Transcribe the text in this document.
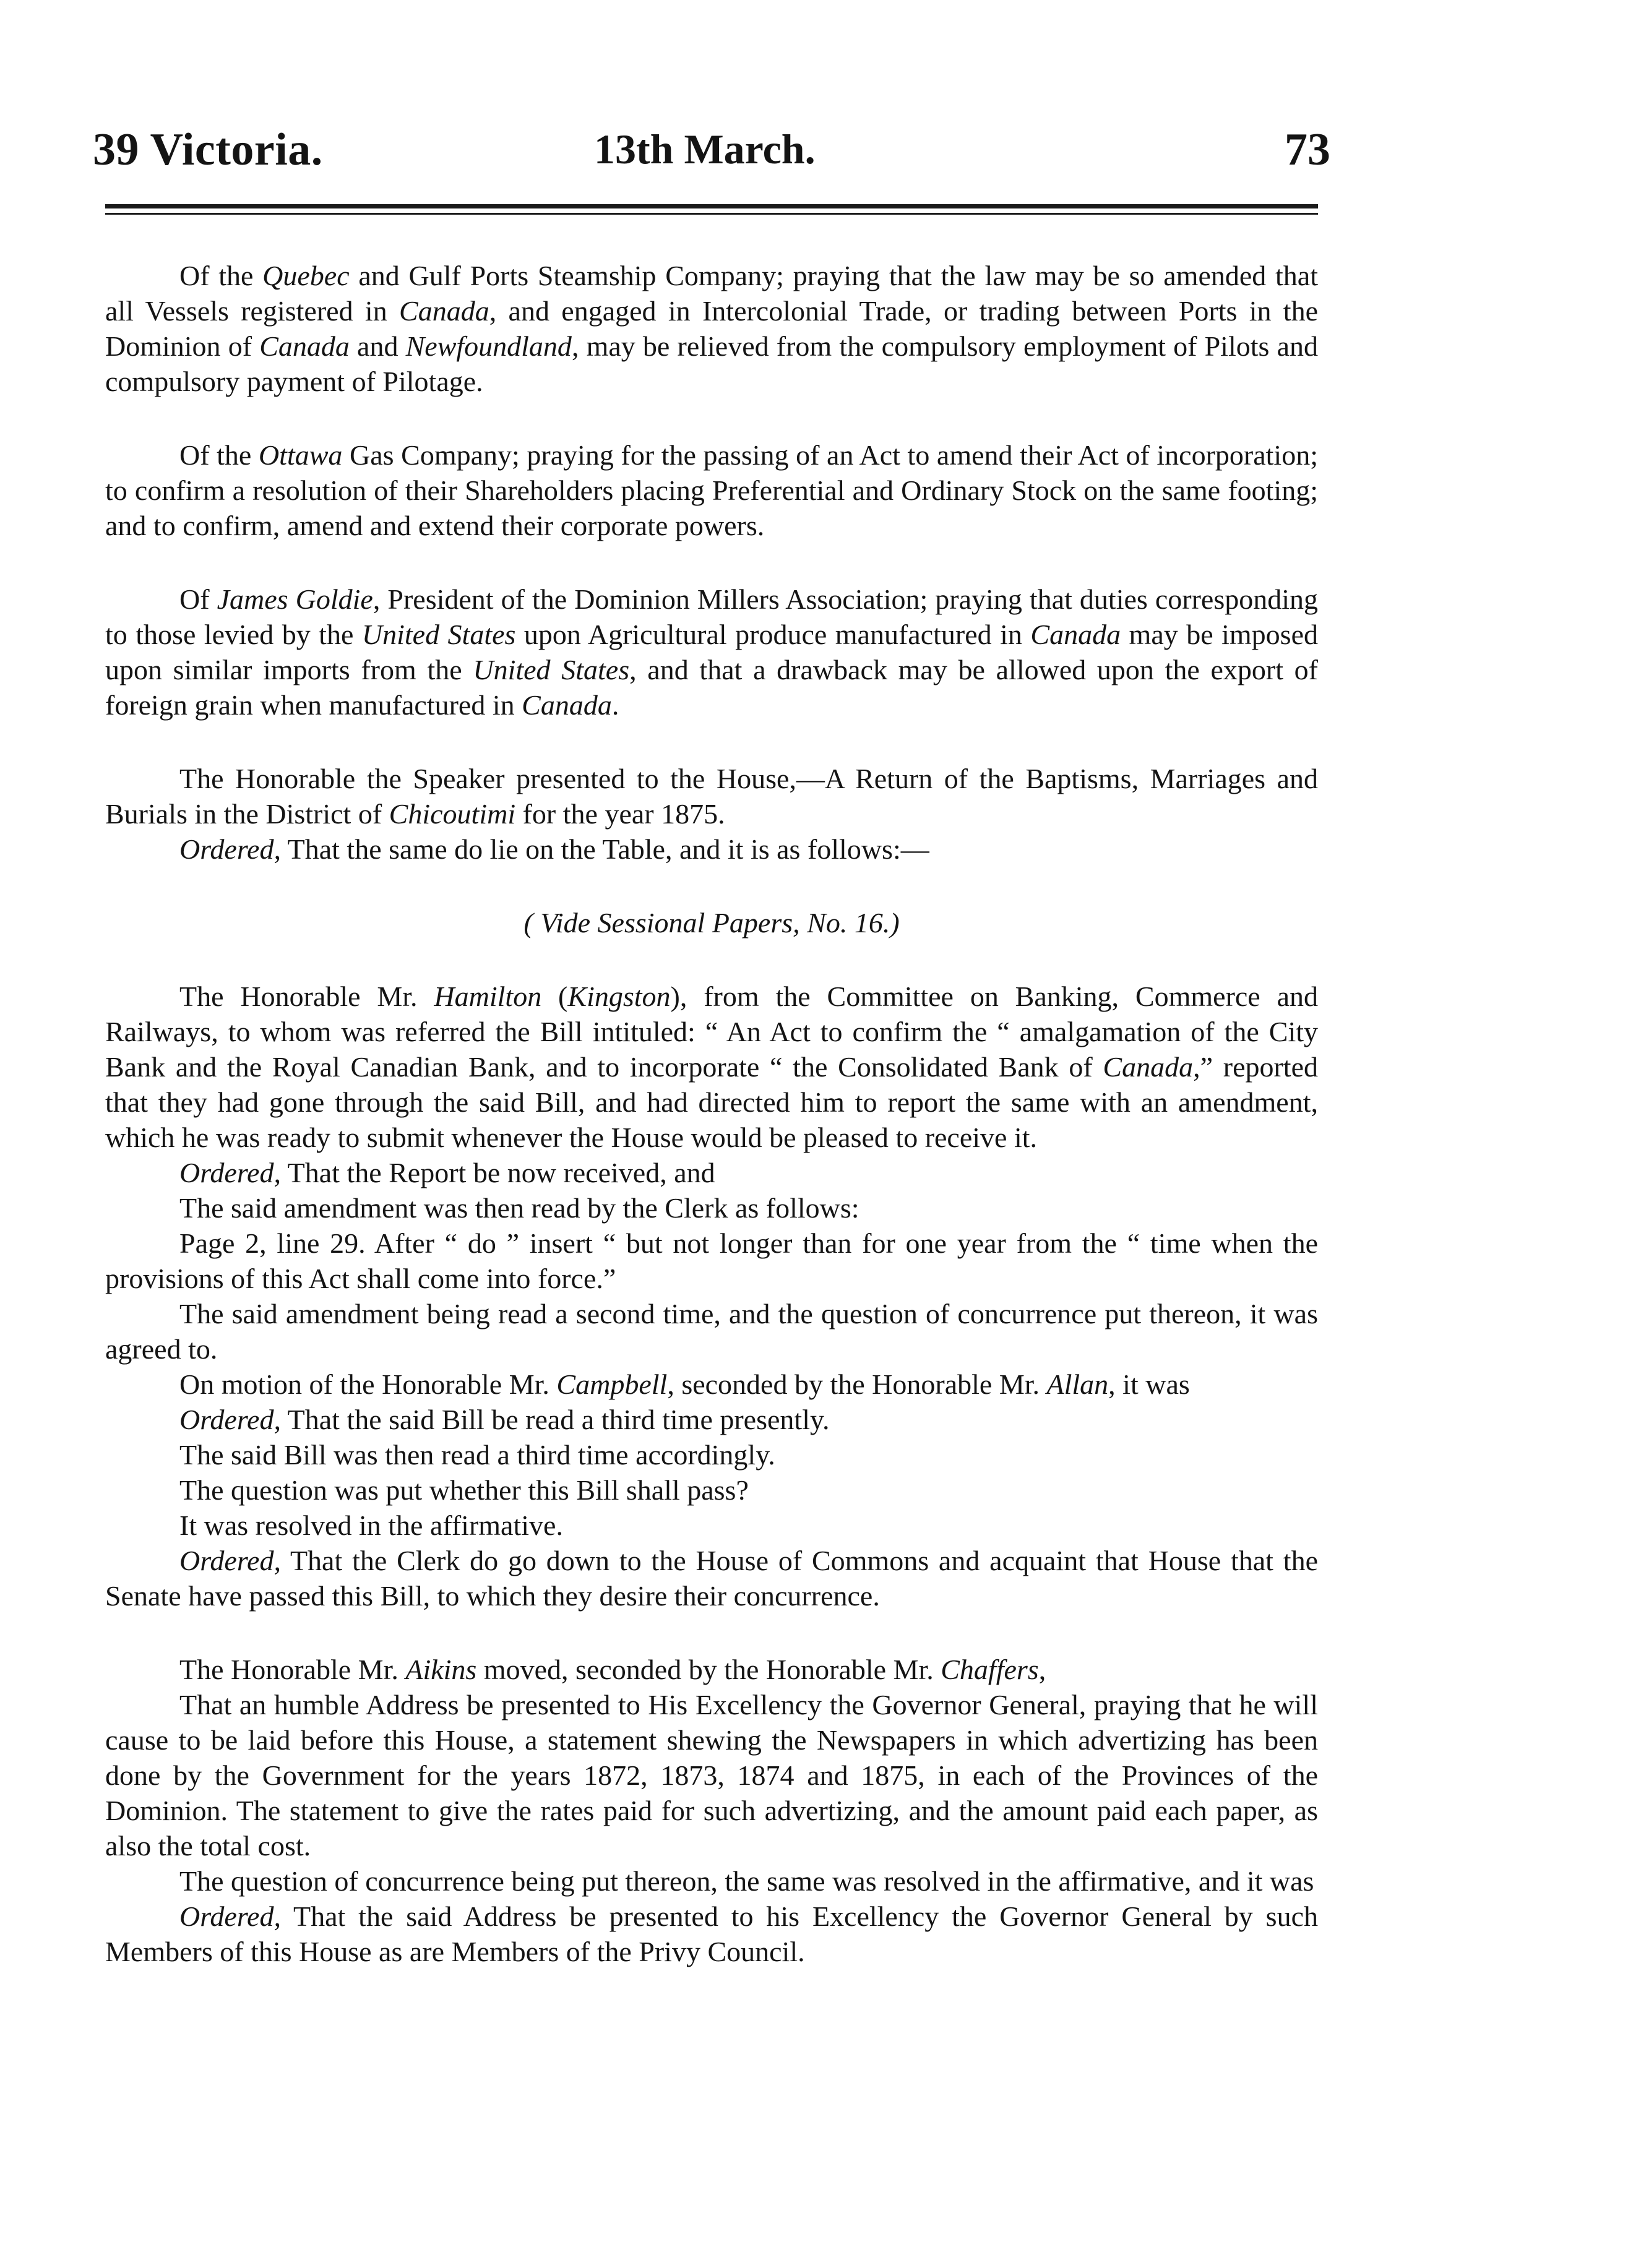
39 Victoria.	13th March.	73

Of the Quebec and Gulf Ports Steamship Company; praying that the law may be so amended that all Vessels registered in Canada, and engaged in Intercolonial Trade, or trading between Ports in the Dominion of Canada and Newfoundland, may be relieved from the compulsory employment of Pilots and compulsory payment of Pilotage.

Of the Ottawa Gas Company; praying for the passing of an Act to amend their Act of incorporation; to confirm a resolution of their Shareholders placing Preferential and Ordinary Stock on the same footing; and to confirm, amend and extend their corporate powers.

Of James Goldie, President of the Dominion Millers Association; praying that duties corresponding to those levied by the United States upon Agricultural produce manufactured in Canada may be imposed upon similar imports from the United States, and that a drawback may be allowed upon the export of foreign grain when manufactured in Canada.

The Honorable the Speaker presented to the House,—A Return of the Baptisms, Marriages and Burials in the District of Chicoutimi for the year 1875.

Ordered, That the same do lie on the Table, and it is as follows:—

( Vide Sessional Papers, No. 16.)

The Honorable Mr. Hamilton (Kingston), from the Committee on Banking, Commerce and Railways, to whom was referred the Bill intituled: “ An Act to confirm the “ amalgamation of the City Bank and the Royal Canadian Bank, and to incorporate “ the Consolidated Bank of Canada,” reported that they had gone through the said Bill, and had directed him to report the same with an amendment, which he was ready to submit whenever the House would be pleased to receive it.

Ordered, That the Report be now received, and

The said amendment was then read by the Clerk as follows:

Page 2, line 29. After “ do ” insert “ but not longer than for one year from the “ time when the provisions of this Act shall come into force.”

The said amendment being read a second time, and the question of concurrence put thereon, it was agreed to.

On motion of the Honorable Mr. Campbell, seconded by the Honorable Mr. Allan, it was

Ordered, That the said Bill be read a third time presently.

The said Bill was then read a third time accordingly.

The question was put whether this Bill shall pass?

It was resolved in the affirmative.

Ordered, That the Clerk do go down to the House of Commons and acquaint that House that the Senate have passed this Bill, to which they desire their concurrence.

The Honorable Mr. Aikins moved, seconded by the Honorable Mr. Chaffers,

That an humble Address be presented to His Excellency the Governor General, praying that he will cause to be laid before this House, a statement shewing the Newspapers in which advertizing has been done by the Government for the years 1872, 1873, 1874 and 1875, in each of the Provinces of the Dominion. The statement to give the rates paid for such advertizing, and the amount paid each paper, as also the total cost.

The question of concurrence being put thereon, the same was resolved in the affirmative, and it was

Ordered, That the said Address be presented to his Excellency the Governor General by such Members of this House as are Members of the Privy Council.
